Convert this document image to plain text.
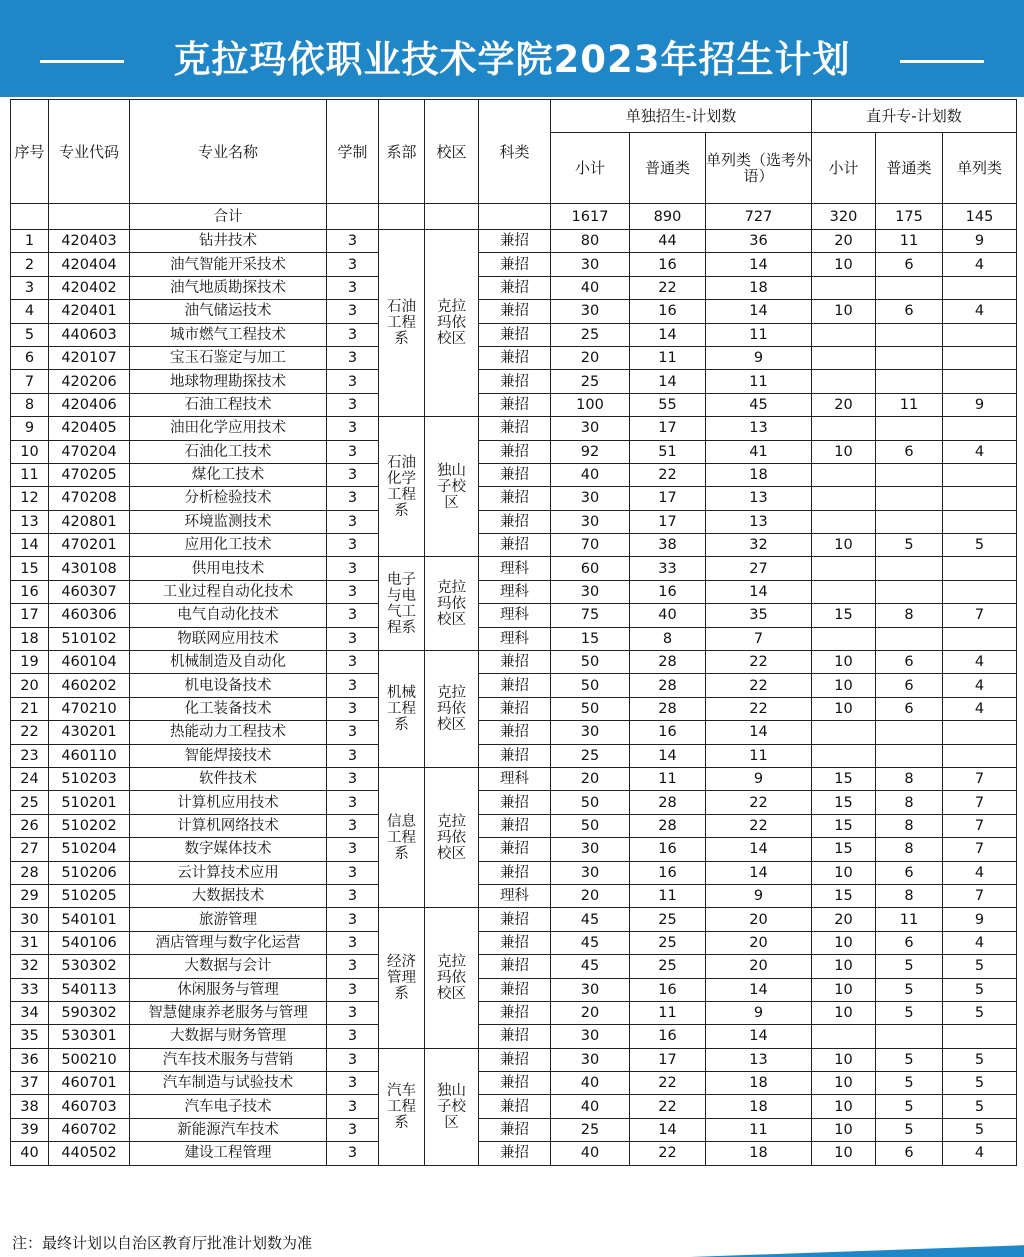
克拉玛依职业技术学院2023年招生计划
序号	专业代码	专业名称	学制	系部	校区	科类	单独招生-计划数			直升专-计划数		
							小计	普通类	单列类（选考外语）	小计	普通类	单列类
		合计					1617	890	727	320	175	145
1	420403	钻井技术	3	石油
工程
系	克拉
玛依
校区	兼招	80	44	36	20	11	9
2	420404	油气智能开采技术	3			兼招	30	16	14	10	6	4
3	420402	油气地质勘探技术	3			兼招	40	22	18			
4	420401	油气储运技术	3			兼招	30	16	14	10	6	4
5	440603	城市燃气工程技术	3			兼招	25	14	11			
6	420107	宝玉石鉴定与加工	3			兼招	20	11	9			
7	420206	地球物理勘探技术	3			兼招	25	14	11			
8	420406	石油工程技术	3			兼招	100	55	45	20	11	9
9	420405	油田化学应用技术	3	石油
化学
工程
系	独山
子校
区	兼招	30	17	13			
10	470204	石油化工技术	3			兼招	92	51	41	10	6	4
11	470205	煤化工技术	3			兼招	40	22	18			
12	470208	分析检验技术	3			兼招	30	17	13			
13	420801	环境监测技术	3			兼招	30	17	13			
14	470201	应用化工技术	3			兼招	70	38	32	10	5	5
15	430108	供用电技术	3	电子
与电
气工
程系	克拉
玛依
校区	理科	60	33	27			
16	460307	工业过程自动化技术	3			理科	30	16	14			
17	460306	电气自动化技术	3			理科	75	40	35	15	8	7
18	510102	物联网应用技术	3			理科	15	8	7			
19	460104	机械制造及自动化	3	机械
工程
系	克拉
玛依
校区	兼招	50	28	22	10	6	4
20	460202	机电设备技术	3			兼招	50	28	22	10	6	4
21	470210	化工装备技术	3			兼招	50	28	22	10	6	4
22	430201	热能动力工程技术	3			兼招	30	16	14			
23	460110	智能焊接技术	3			兼招	25	14	11			
24	510203	软件技术	3	信息
工程
系	克拉
玛依
校区	理科	20	11	9	15	8	7
25	510201	计算机应用技术	3			兼招	50	28	22	15	8	7
26	510202	计算机网络技术	3			兼招	50	28	22	15	8	7
27	510204	数字媒体技术	3			兼招	30	16	14	15	8	7
28	510206	云计算技术应用	3			兼招	30	16	14	10	6	4
29	510205	大数据技术	3			理科	20	11	9	15	8	7
30	540101	旅游管理	3	经济
管理
系	克拉
玛依
校区	兼招	45	25	20	20	11	9
31	540106	酒店管理与数字化运营	3			兼招	45	25	20	10	6	4
32	530302	大数据与会计	3			兼招	45	25	20	10	5	5
33	540113	休闲服务与管理	3			兼招	30	16	14	10	5	5
34	590302	智慧健康养老服务与管理	3			兼招	20	11	9	10	5	5
35	530301	大数据与财务管理	3			兼招	30	16	14			
36	500210	汽车技术服务与营销	3	汽车
工程
系	独山
子校
区	兼招	30	17	13	10	5	5
37	460701	汽车制造与试验技术	3			兼招	40	22	18	10	5	5
38	460703	汽车电子技术	3			兼招	40	22	18	10	5	5
39	460702	新能源汽车技术	3			兼招	25	14	11	10	5	5
40	440502	建设工程管理	3			兼招	40	22	18	10	6	4
注：最终计划以自治区教育厅批准计划数为准
